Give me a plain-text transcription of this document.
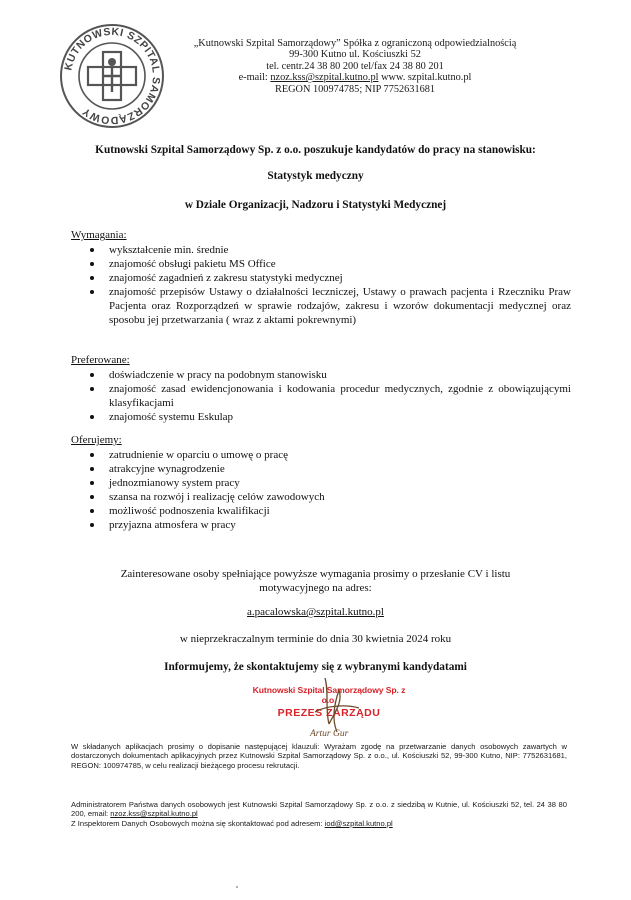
KUTNOWSKI SZPITAL SAMORZĄDOWY
„Kutnowski Szpital Samorządowy” Spółka z ograniczoną odpowiedzialnością
99-300 Kutno ul. Kościuszki 52
tel. centr.24 38 80 200 tel/fax 24 38 80 201
e-mail: nzoz.kss@szpital.kutno.pl www. szpital.kutno.pl
REGON 100974785; NIP 7752631681
Kutnowski Szpital Samorządowy Sp. z o.o. poszukuje kandydatów do pracy na stanowisku:
Statystyk medyczny
w Dziale Organizacji, Nadzoru i Statystyki Medycznej
Wymagania:
wykształcenie min. średnie
znajomość obsługi pakietu MS Office
znajomość zagadnień z zakresu statystyki medycznej
znajomość przepisów Ustawy o działalności leczniczej, Ustawy o prawach pacjenta i Rzeczniku Praw Pacjenta oraz Rozporządzeń w sprawie rodzajów, zakresu i wzorów dokumentacji medycznej oraz sposobu jej przetwarzania ( wraz z aktami pokrewnymi)
Preferowane:
doświadczenie w pracy na podobnym stanowisku
znajomość zasad ewidencjonowania i kodowania procedur medycznych, zgodnie z obowiązującymi klasyfikacjami
znajomość systemu Eskulap
Oferujemy:
zatrudnienie w oparciu o umowę o pracę
atrakcyjne wynagrodzenie
jednozmianowy system pracy
szansa na rozwój i realizację celów zawodowych
możliwość podnoszenia kwalifikacji
przyjazna atmosfera w pracy
Zainteresowane osoby spełniające powyższe wymagania prosimy o przesłanie CV i listu
motywacyjnego na adres:
a.pacalowska@szpital.kutno.pl
w nieprzekraczalnym terminie do dnia 30 kwietnia 2024 roku
Informujemy, że skontaktujemy się z wybranymi kandydatami
Kutnowski Szpital Samorządowy Sp. z o.o.
PREZES ZARZĄDU
Artur Gur
W składanych aplikacjach prosimy o dopisanie następującej klauzuli: Wyrażam zgodę na przetwarzanie danych osobowych zawartych w dostarczonych dokumentach aplikacyjnych przez Kutnowski Szpital Samorządowy Sp. z o.o., ul. Kościuszki 52, 99-300 Kutno, NIP: 7752631681, REGON: 100974785, w celu realizacji bieżącego procesu rekrutacji.
Administratorem Państwa danych osobowych jest Kutnowski Szpital Samorządowy Sp. z o.o. z siedzibą w Kutnie, ul. Kościuszki 52, tel. 24 38 80 200, email: nzoz.kss@szpital.kutno.pl
Z Inspektorem Danych Osobowych można się skontaktować pod adresem: iod@szpital.kutno.pl
